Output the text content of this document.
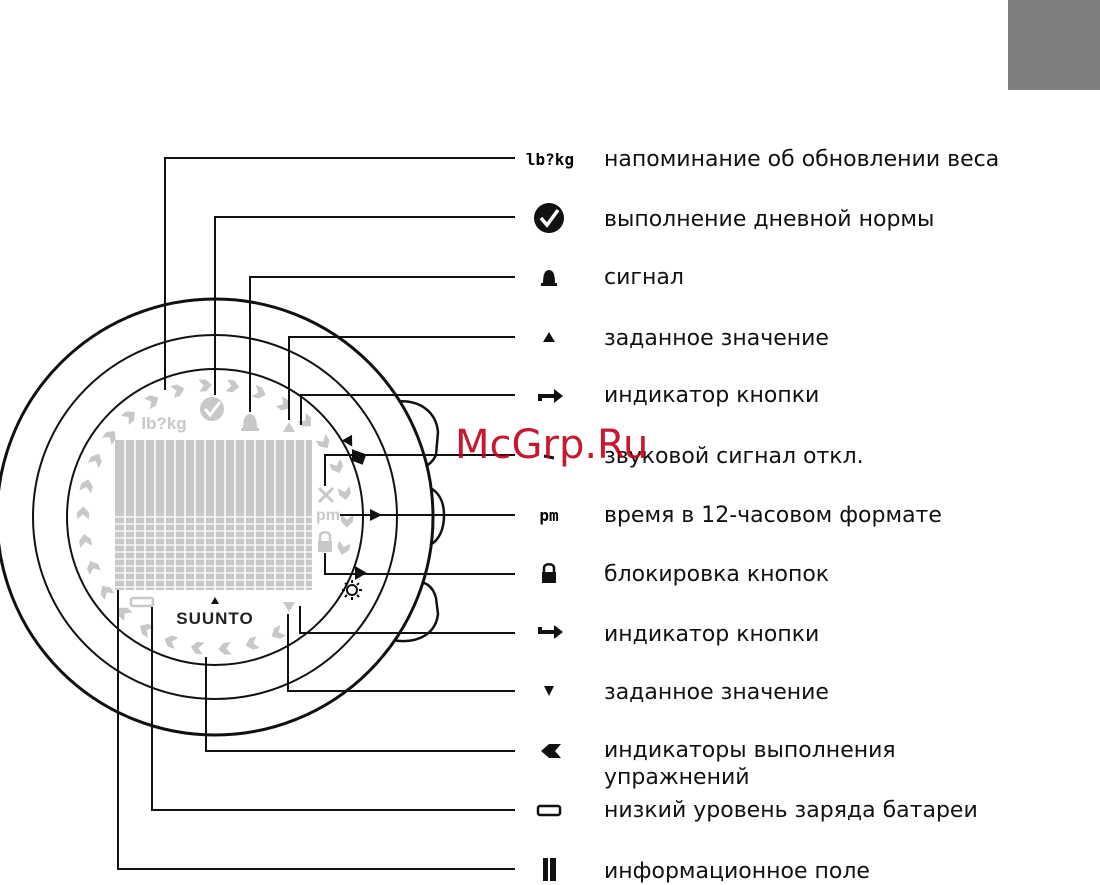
lb?kg
pm
SUUNTO
lb?kg
pm
напоминание об обновлении веса
выполнение дневной нормы
сигнал
заданное значение
индикатор кнопки
звуковой сигнал откл.
время в 12-часовом формате
блокировка кнопок
индикатор кнопки
заданное значение
индикаторы выполнения
упражнений
низкий уровень заряда батареи
информационное поле
McGrp.Ru
